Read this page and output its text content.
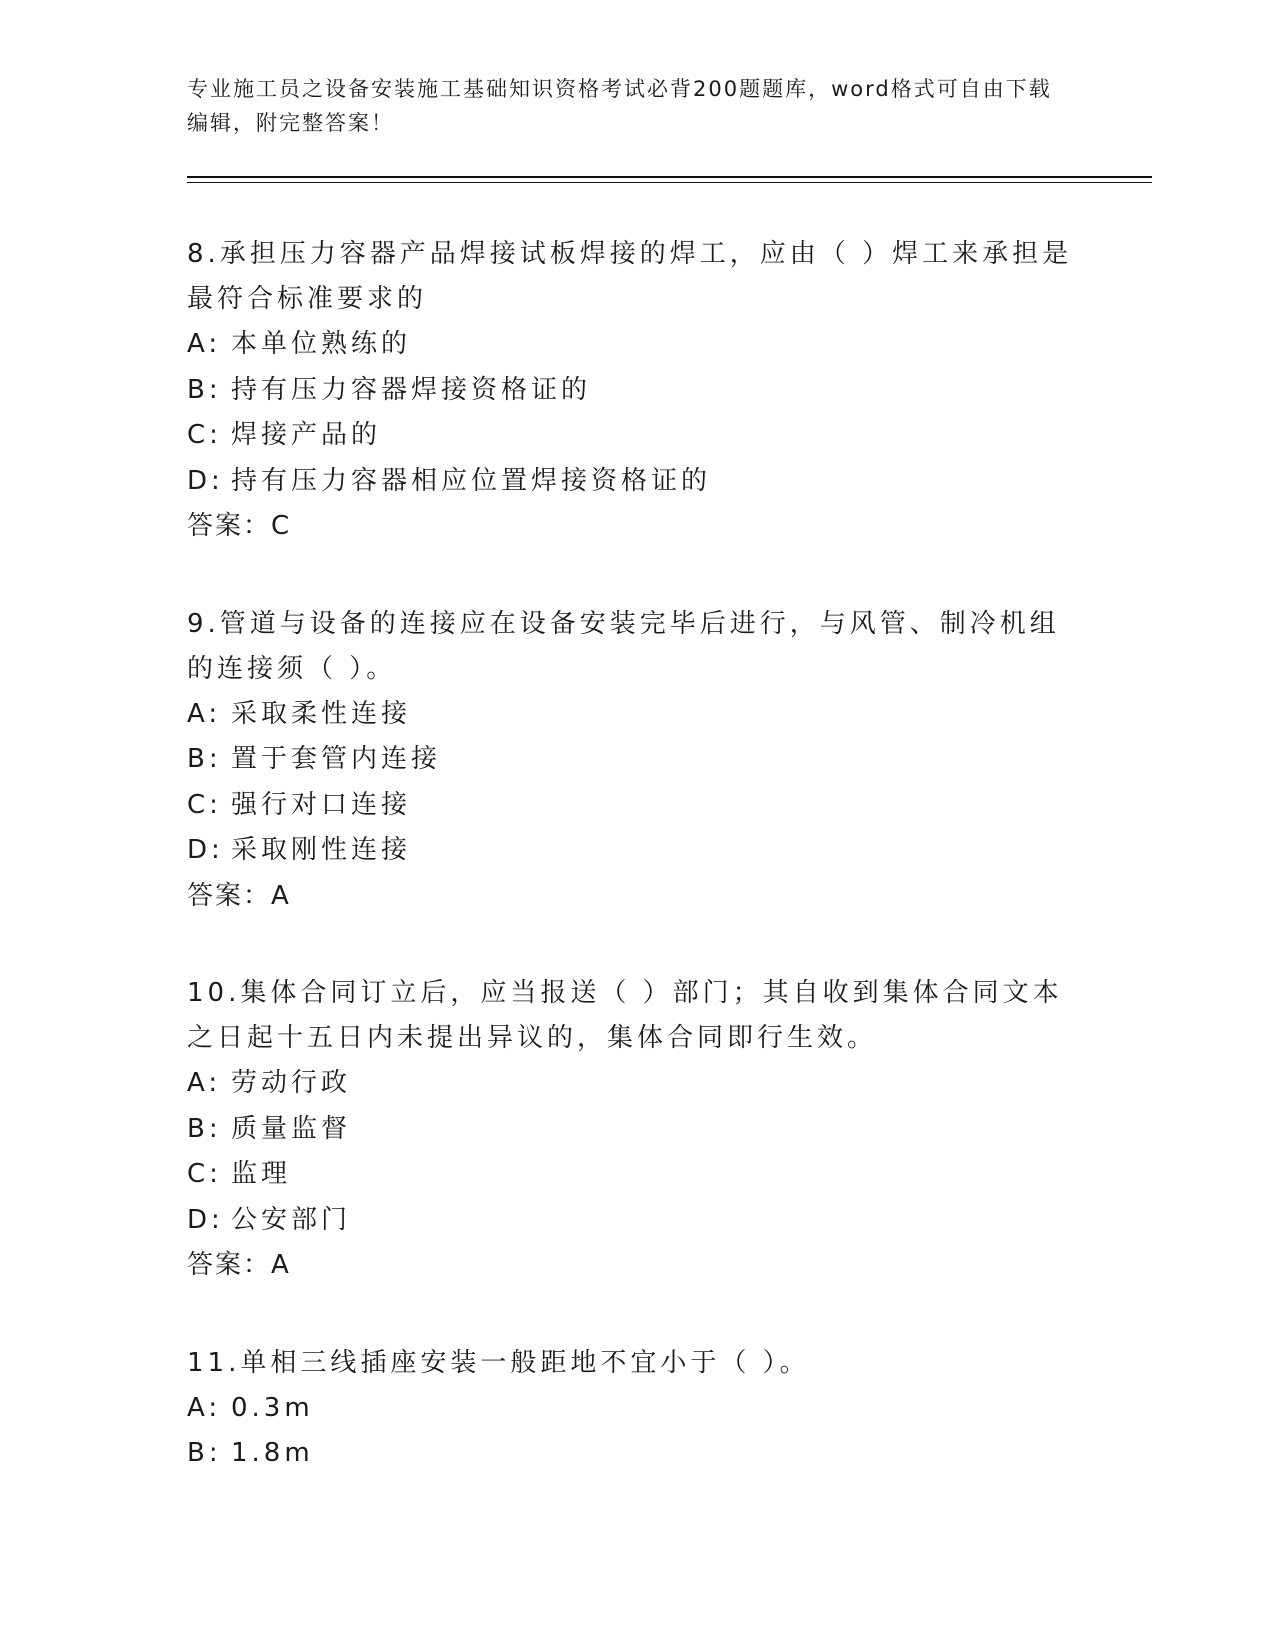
专业施工员之设备安装施工基础知识资格考试必背200题题库，word格式可自由下载编辑，附完整答案！

8.承担压力容器产品焊接试板焊接的焊工，应由（ ）焊工来承担是最符合标准要求的

A: 本单位熟练的

B: 持有压力容器焊接资格证的

C: 焊接产品的

D: 持有压力容器相应位置焊接资格证的

答案：C

9.管道与设备的连接应在设备安装完毕后进行，与风管、制冷机组的连接须（ ）。

A: 采取柔性连接

B: 置于套管内连接

C: 强行对口连接

D: 采取刚性连接

答案：A

10.集体合同订立后，应当报送（ ）部门；其自收到集体合同文本之日起十五日内未提出异议的，集体合同即行生效。

A: 劳动行政

B: 质量监督

C: 监理

D: 公安部门

答案：A

11.单相三线插座安装一般距地不宜小于（ ）。

A: 0.3m

B: 1.8m
